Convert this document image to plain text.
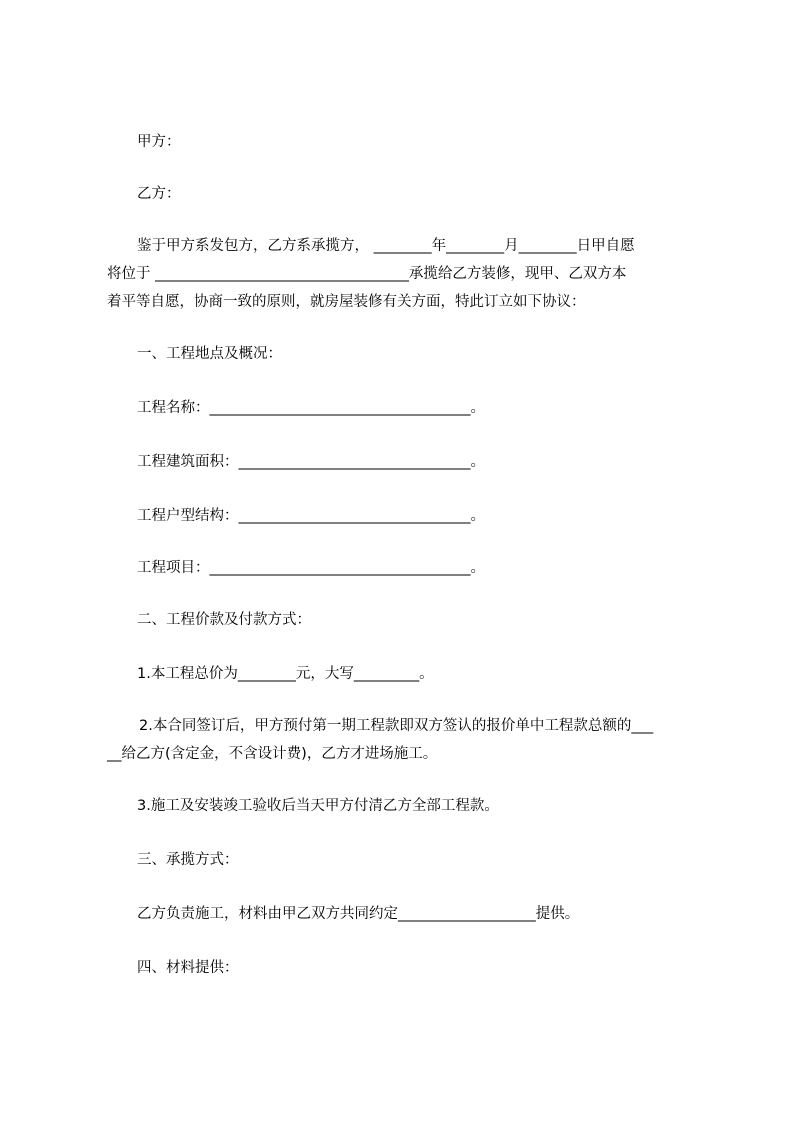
甲方：
乙方：
鉴于甲方系发包方，乙方系承揽方， ________年________月________日甲自愿
将位于 ___________________________________承揽给乙方装修，现甲、乙双方本
着平等自愿，协商一致的原则，就房屋装修有关方面，特此订立如下协议：
一、工程地点及概况：
工程名称：____________________________________。
工程建筑面积：________________________________。
工程户型结构：________________________________。
工程项目：____________________________________。
二、工程价款及付款方式：
1.本工程总价为________元，大写_________。
2.本合同签订后，甲方预付第一期工程款即双方签认的报价单中工程款总额的___
__给乙方(含定金，不含设计费)，乙方才进场施工。
3.施工及安装竣工验收后当天甲方付清乙方全部工程款。
三、承揽方式：
乙方负责施工，材料由甲乙双方共同约定___________________提供。
四、材料提供：
